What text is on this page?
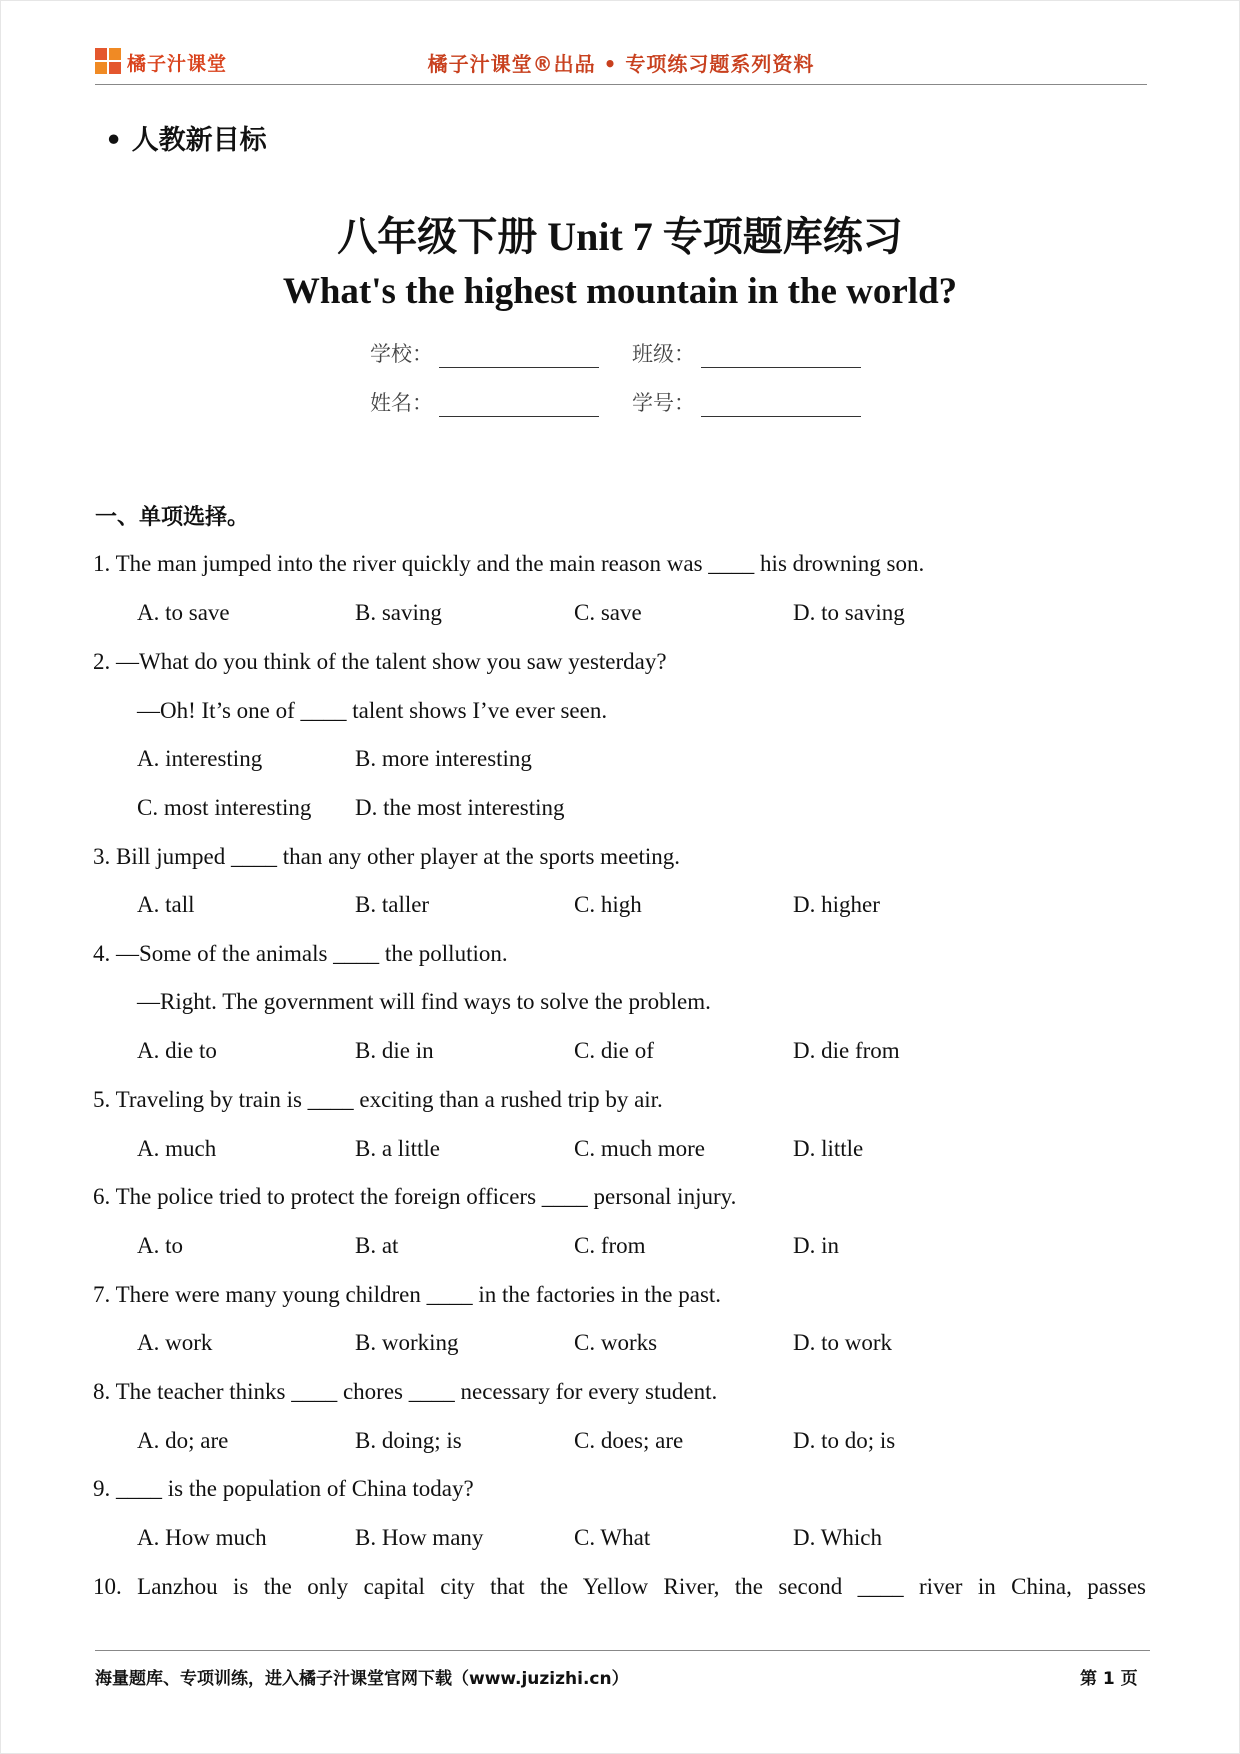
橘子汁课堂	橘子汁课堂®出品 • 专项练习题系列资料
• 人教新目标
八年级下册 Unit 7 专项题库练习
What's the highest mountain in the world?
学校：	班级：
姓名：	学号：
一、单项选择。
1. The man jumped into the river quickly and the main reason was ____ his drowning son.
A. to save	B. saving	C. save	D. to saving
2. —What do you think of the talent show you saw yesterday?
—Oh! It’s one of ____ talent shows I’ve ever seen.
A. interesting	B. more interesting
C. most interesting D. the most interesting
3. Bill jumped ____ than any other player at the sports meeting.
A. tall	B. taller	C. high	D. higher
4. —Some of the animals ____ the pollution.
—Right. The government will find ways to solve the problem.
A. die to	B. die in	C. die of	D. die from
5. Traveling by train is ____ exciting than a rushed trip by air.
A. much	B. a little	C. much more	D. little
6. The police tried to protect the foreign officers ____ personal injury.
A. to	B. at	C. from	D. in
7. There were many young children ____ in the factories in the past.
A. work	B. working	C. works	D. to work
8. The teacher thinks ____ chores ____ necessary for every student.
A. do; are	B. doing; is	C. does; are	D. to do; is
9. ____ is the population of China today?
A. How much	B. How many	C. What	D. Which
10. Lanzhou is the only capital city that the Yellow River, the second ____ river in China, passes
海量题库、专项训练，进入橘子汁课堂官网下载（www.juzizhi.cn）	第 1 页
